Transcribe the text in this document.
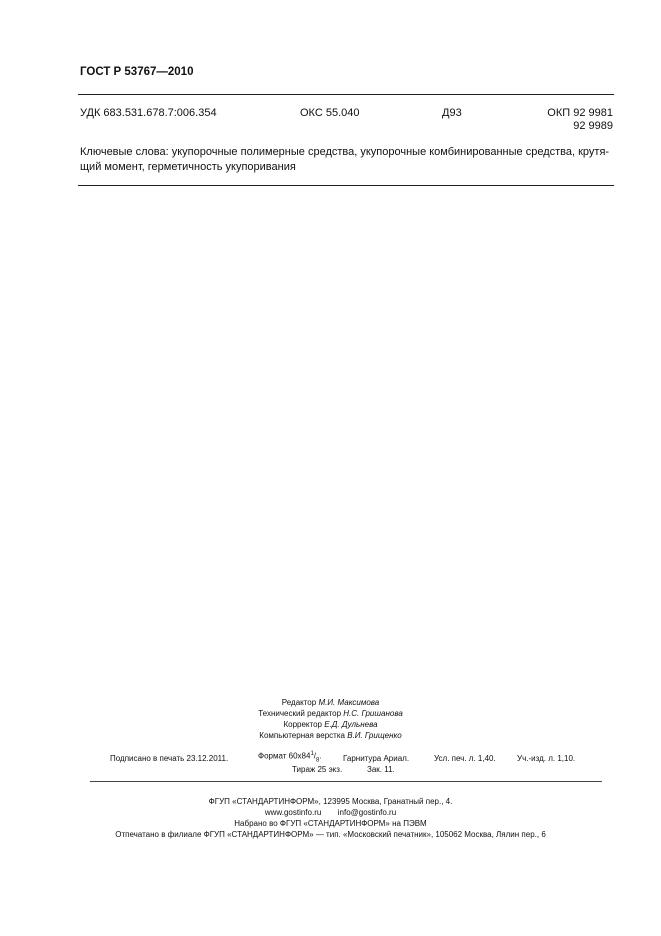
ГОСТ Р 53767—2010
УДК 683.531.678.7:006.354	ОКС 55.040	Д93	ОКП 92 9981
92 9989
Ключевые слова: укупорочные полимерные средства, укупорочные комбинированные средства, крутя-
щий момент, герметичность укупоривания
Редактор М.И. Максимова
Технический редактор Н.С. Гришанова
Корректор Е.Д. Дульнева
Компьютерная верстка В.И. Грищенко
Подписано в печать 23.12.2011.	Формат $60х84^1/_8$.	Гарнитура Ариал.	Усл. печ. л. 1,40.	Уч.-изд. л. 1,10.
Тираж 25 экз.	Зак. 11.
ФГУП «СТАНДАРТИНФОРМ», 123995 Москва, Гранатный пер., 4.
www.gostinfo.ru info@gostinfo.ru
Набрано во ФГУП «СТАНДАРТИНФОРМ» на ПЭВМ
Отпечатано в филиале ФГУП «СТАНДАРТИНФОРМ» — тип. «Московский печатник», 105062 Москва, Лялин пер., 6
